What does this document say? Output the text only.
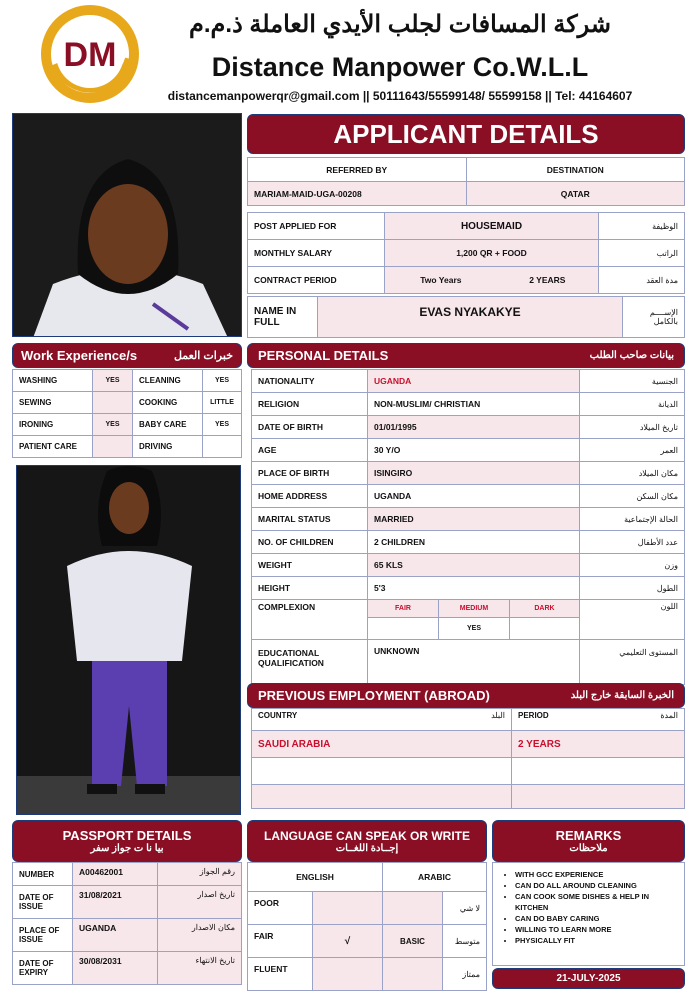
DM
شركة المسافات لجلب الأيدي العاملة ذ.م.م
Distance Manpower Co.W.L.L
distancemanpowerqr@gmail.com || 50111643/55599148/ 55599158 || Tel: 44164607
APPLICANT DETAILS
REFERRED BY	DESTINATION
MARIAM-MAID-UGA-00208	QATAR
POST APPLIED FOR	HOUSEMAID		الوظيفة
MONTHLY SALARY	1,200 QR + FOOD		الراتب
CONTRACT PERIOD	Two Years	2 YEARS	مدة العقد
NAME IN FULL	EVAS NYAKAKYE	الإســــم بالكامل
Work Experience/s	خبرات العمل
WASHING	YES	CLEANING	YES
SEWING		COOKING	LITTLE
IRONING	YES	BABY CARE	YES
PATIENT CARE		DRIVING	
PERSONAL DETAILS	بيانات صاحب الطلب
NATIONALITY	UGANDA			الجنسية
RELIGION	NON-MUSLIM/ CHRISTIAN			الديانة
DATE OF BIRTH	01/01/1995			تاريخ الميلاد
AGE	30 Y/O			العمر
PLACE OF BIRTH	ISINGIRO			مكان الميلاد
HOME ADDRESS	UGANDA			مكان السكن
MARITAL STATUS	MARRIED			الحالة الإجتماعية
NO. OF CHILDREN	2 CHILDREN			عدد الأطفال
WEIGHT	65 KLS			وزن
HEIGHT	5'3			الطول
COMPLEXION	FAIR	MEDIUM	DARK	اللون
		YES		
EDUCATIONAL QUALIFICATION	UNKNOWN			المستوى التعليمي
PREVIOUS EMPLOYMENT (ABROAD)	الخبرة السابقة خارج البلد
COUNTRY البلد	PERIOD المدة

SAUDI ARABIA	2 YEARS

PASSPORT DETAILS
بيا نا ت جواز سفر
NUMBER	A00462001	رقم الجواز
DATE OF ISSUE	31/08/2021	تاريخ اصدار
PLACE OF ISSUE	UGANDA	مكان الاصدار
DATE OF EXPIRY	30/08/2031	تاريخ الانتهاء
LANGUAGE CAN SPEAK OR WRITE
إجــادة اللغــات
ENGLISH		ARABIC	
POOR			لا شي
FAIR	√	BASIC	متوسط
FLUENT			ممتاز
REMARKS
ملاحظات
• WITH GCC EXPERIENCE
• CAN DO ALL AROUND CLEANING
• CAN COOK SOME DISHES & HELP IN KITCHEN
• CAN DO BABY CARING
• WILLING TO LEARN MORE
• PHYSICALLY FIT
21-JULY-2025
